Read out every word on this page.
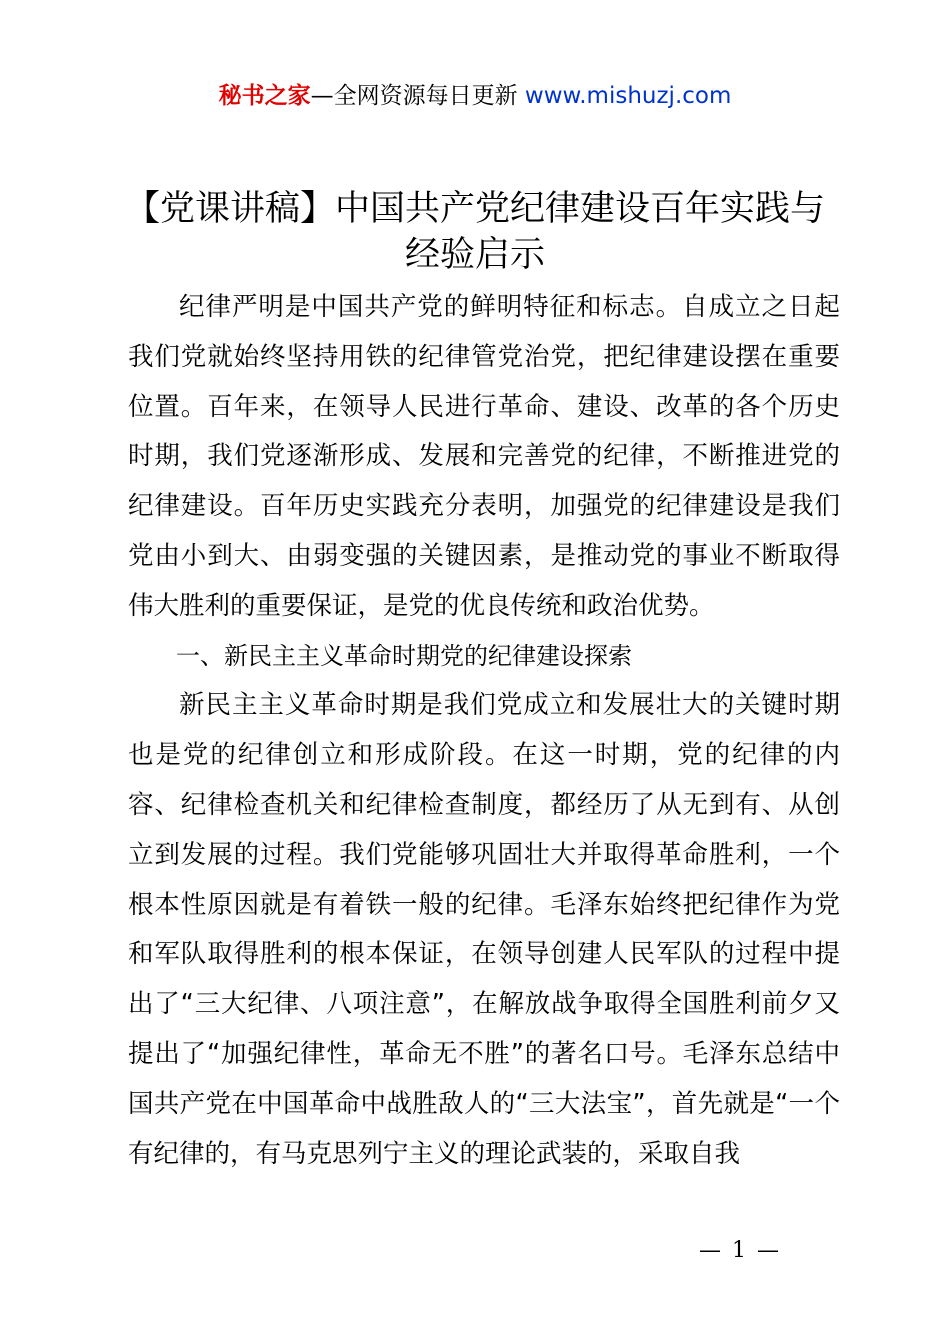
秘书之家—全网资源每日更新 www.mishuzj.com
【党课讲稿】中国共产党纪律建设百年实践与经验启示

纪律严明是中国共产党的鲜明特征和标志。自成立之日起我们党就始终坚持用铁的纪律管党治党，把纪律建设摆在重要位置。百年来，在领导人民进行革命、建设、改革的各个历史时期，我们党逐渐形成、发展和完善党的纪律，不断推进党的纪律建设。百年历史实践充分表明，加强党的纪律建设是我们党由小到大、由弱变强的关键因素，是推动党的事业不断取得伟大胜利的重要保证，是党的优良传统和政治优势。

一、新民主主义革命时期党的纪律建设探索

新民主主义革命时期是我们党成立和发展壮大的关键时期也是党的纪律创立和形成阶段。在这一时期，党的纪律的内容、纪律检查机关和纪律检查制度，都经历了从无到有、从创立到发展的过程。我们党能够巩固壮大并取得革命胜利，一个根本性原因就是有着铁一般的纪律。毛泽东始终把纪律作为党和军队取得胜利的根本保证，在领导创建人民军队的过程中提出了“三大纪律、八项注意”，在解放战争取得全国胜利前夕又提出了“加强纪律性，革命无不胜”的著名口号。毛泽东总结中国共产党在中国革命中战胜敌人的“三大法宝”，首先就是“一个有纪律的，有马克思列宁主义的理论武装的，采取自我

— 1 —
